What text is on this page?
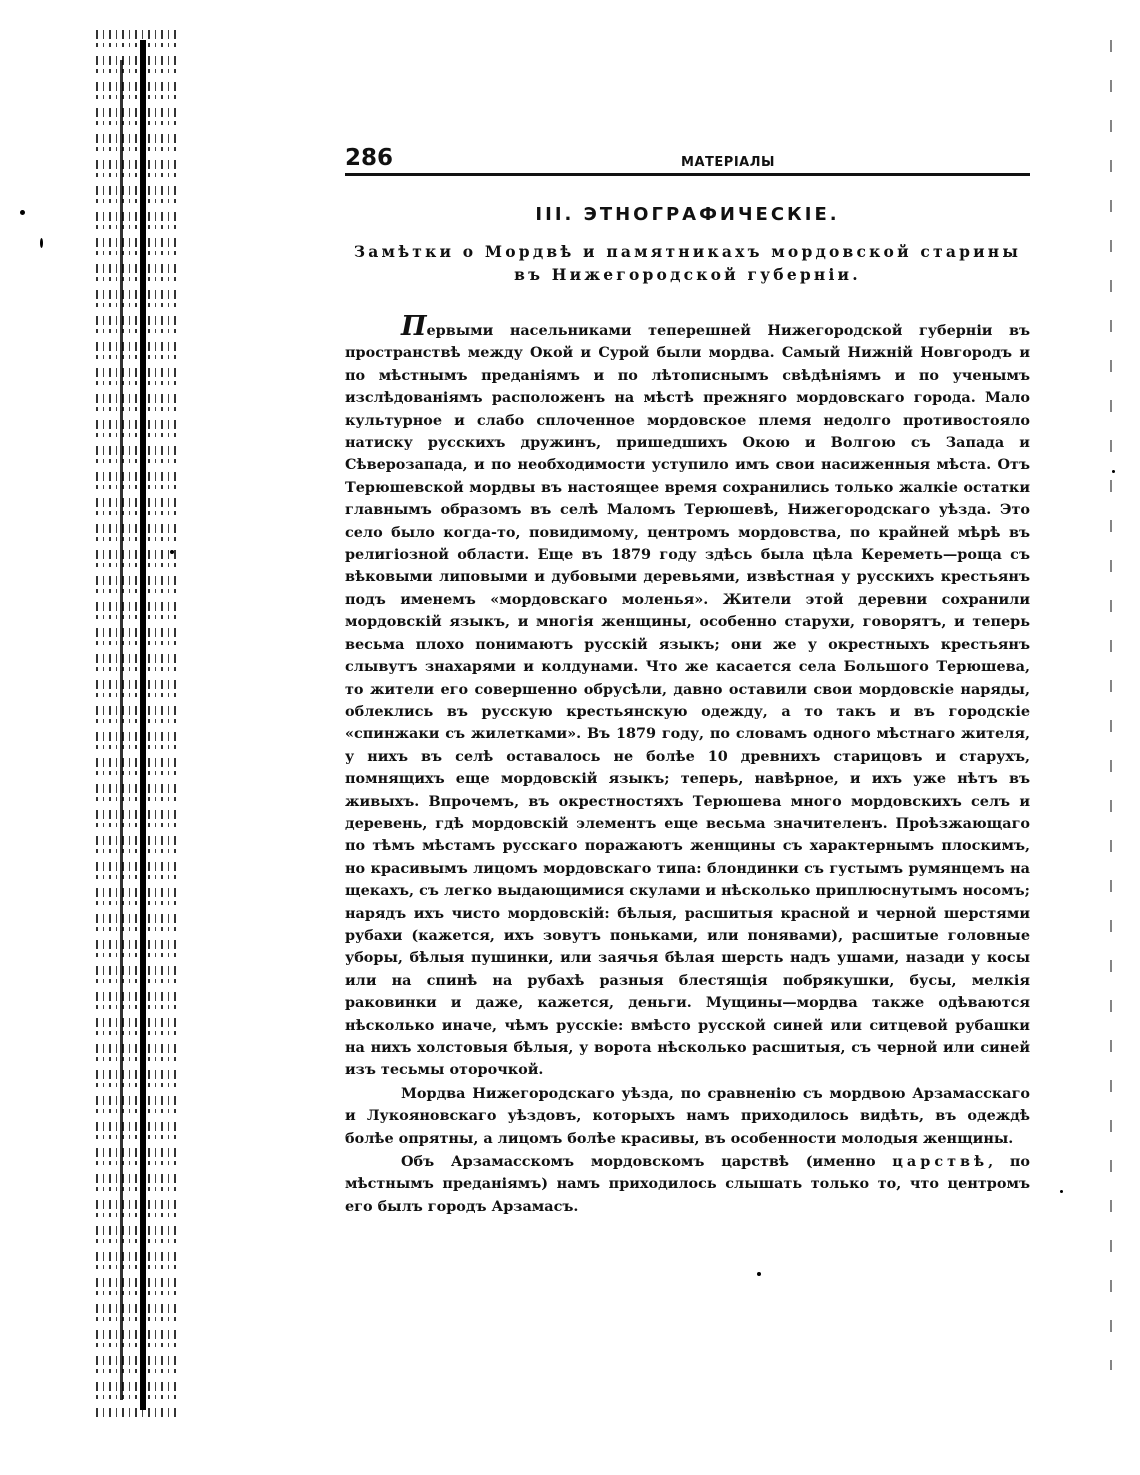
286	МАТЕРІАЛЫ
III. ЭТНОГРАФИЧЕСКIЕ.
Замѣтки о Мордвѣ и памятникахъ мордовской старины въ Нижегородской губерніи.

Первыми насельниками теперешней Нижегородской губерніи въ пространствѣ между Окой и Сурой были мордва. Самый Нижній Новгородъ и по мѣстнымъ преданіямъ и по лѣтописнымъ свѣдѣніямъ и по ученымъ изслѣдованіямъ расположенъ на мѣстѣ прежняго мордовскаго города. Мало культурное и слабо сплоченное мордовское племя недолго противостояло натиску русскихъ дружинъ, пришедшихъ Окою и Волгою съ Запада и Сѣверозапада, и по необходимости уступило имъ свои насиженныя мѣста. Отъ Терюшевской мордвы въ настоящее время сохранились только жалкіе остатки главнымъ образомъ въ селѣ Маломъ Терюшевѣ, Нижегородскаго уѣзда. Это село было когда-то, повидимому, центромъ мордовства, по крайней мѣрѣ въ религіозной области. Еще въ 1879 году здѣсь была цѣла Кереметь—роща съ вѣковыми липовыми и дубовыми деревьями, извѣстная у русскихъ крестьянъ подъ именемъ «мордовскаго моленья». Жители этой деревни сохранили мордовскій языкъ, и многія женщины, особенно старухи, говорятъ, и теперь весьма плохо понимаютъ русскій языкъ; они же у окрестныхъ крестьянъ слывутъ знахарями и колдунами. Что же касается села Большого Терюшева, то жители его совершенно обрусѣли, давно оставили свои мордовскіе наряды, облеклись въ русскую крестьянскую одежду, а то такъ и въ городскіе «спинжаки съ жилетками». Въ 1879 году, по словамъ одного мѣстнаго жителя, у нихъ въ селѣ оставалось не болѣе 10 древнихъ старицовъ и старухъ, помнящихъ еще мордовскій языкъ; теперь, навѣрное, и ихъ уже нѣтъ въ живыхъ. Впрочемъ, въ окрестностяхъ Терюшева много мордовскихъ селъ и деревень, гдѣ мордовскій элементъ еще весьма значителенъ. Проѣзжающаго по тѣмъ мѣстамъ русскаго поражаютъ женщины съ характернымъ плоскимъ, но красивымъ лицомъ мордовскаго типа: блондинки съ густымъ румянцемъ на щекахъ, съ легко выдающимися скулами и нѣсколько приплюснутымъ носомъ; нарядъ ихъ чисто мордовскій: бѣлыя, расшитыя красной и черной шерстями рубахи (кажется, ихъ зовутъ поньками, или понявами), расшитые головные уборы, бѣлыя пушинки, или заячья бѣлая шерсть надъ ушами, назади у косы или на спинѣ на рубахѣ разныя блестящія побрякушки, бусы, мелкія раковинки и даже, кажется, деньги. Мущины—мордва также одѣваются нѣсколько иначе, чѣмъ русскіе: вмѣсто русской синей или ситцевой рубашки на нихъ холстовыя бѣлыя, у ворота нѣсколько расшитыя, съ черной или синей изъ тесьмы оторочкой.

Мордва Нижегородскаго уѣзда, по сравненію съ мордвою Арзамасскаго и Лукояновскаго уѣздовъ, которыхъ намъ приходилось видѣть, въ одеждѣ болѣе опрятны, а лицомъ болѣе красивы, въ особенности молодыя женщины.

Объ Арзамасскомъ мордовскомъ царствѣ (именно царствѣ, по мѣстнымъ преданіямъ) намъ приходилось слышать только то, что центромъ его былъ городъ Арзамасъ.
